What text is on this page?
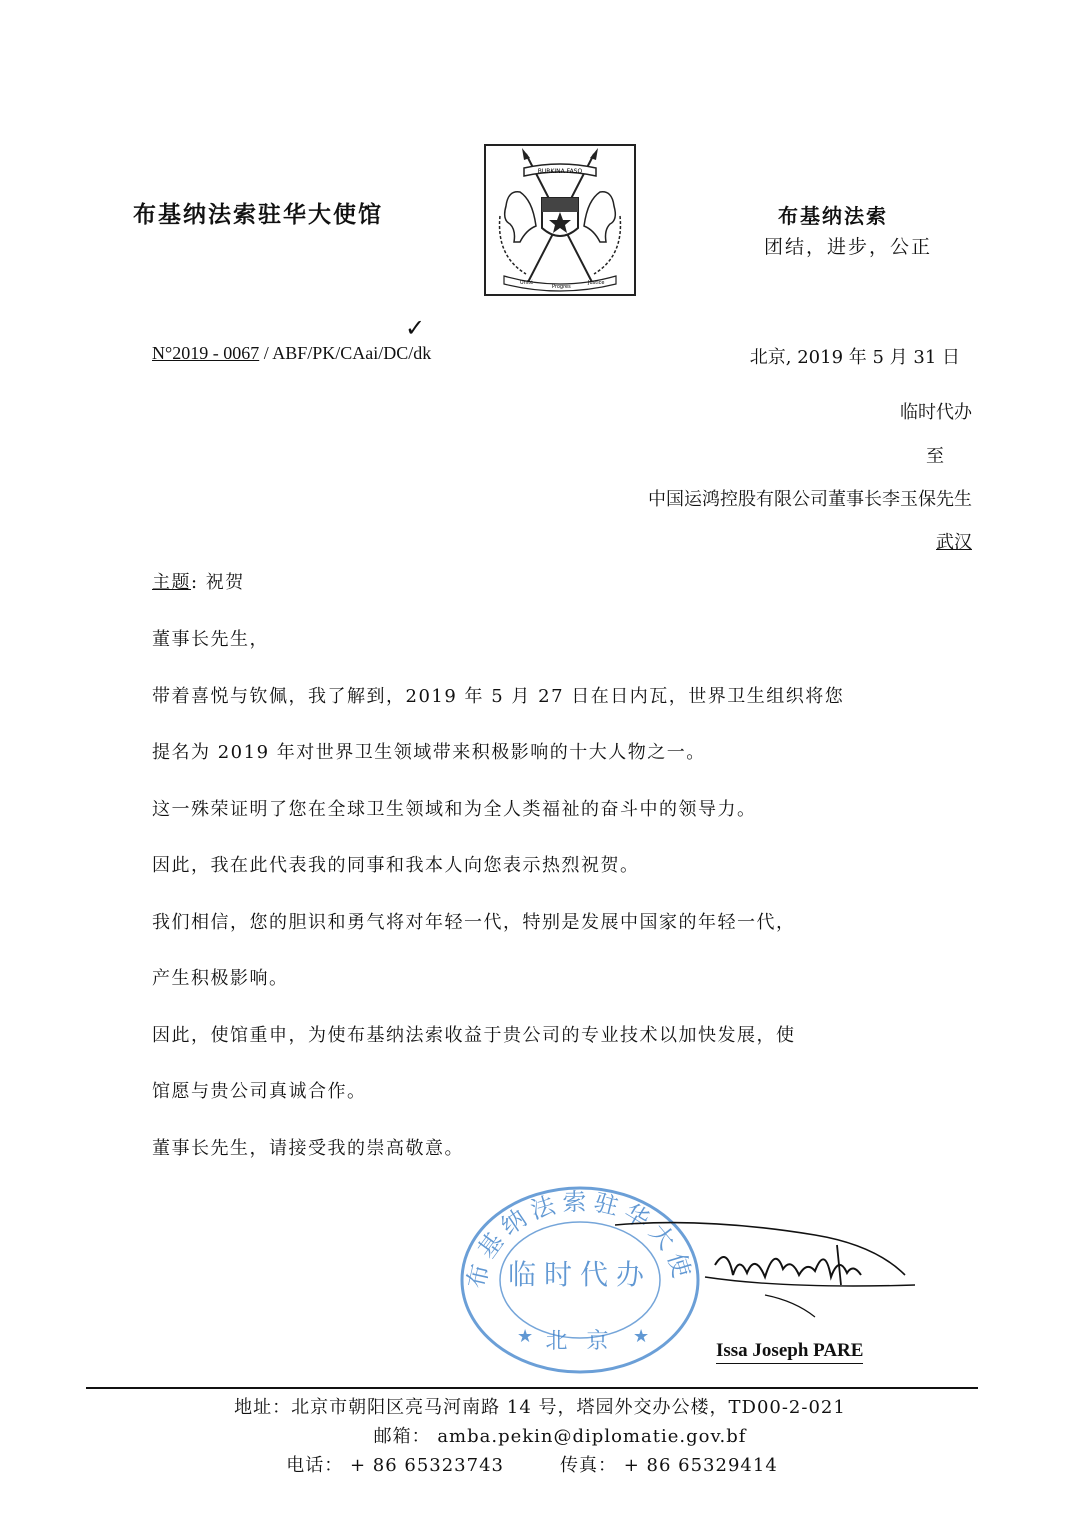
布基纳法索驻华大使馆
BURKINA FASO
Unité
Progrès
Justice
布基纳法索
团结，进步，公正
✓
N°2019 - 0067 / ABF/PK/CAai/DC/dk	北京, 2019 年 5 月 31 日
临时代办
至
中国运鸿控股有限公司董事长李玉保先生
武汉
主题: 祝贺
董事长先生，
带着喜悦与钦佩，我了解到，2019 年 5 月 27 日在日内瓦，世界卫生组织将您
提名为 2019 年对世界卫生领域带来积极影响的十大人物之一。
这一殊荣证明了您在全球卫生领域和为全人类福祉的奋斗中的领导力。
因此，我在此代表我的同事和我本人向您表示热烈祝贺。
我们相信，您的胆识和勇气将对年轻一代，特别是发展中国家的年轻一代，
产生积极影响。
因此，使馆重申，为使布基纳法索收益于贵公司的专业技术以加快发展，使
馆愿与贵公司真诚合作。
董事长先生，请接受我的崇高敬意。
布基纳法索驻华大使
临时代办
北 京
★	★
Issa Joseph PARE
地址：北京市朝阳区亮马河南路 14 号，塔园外交办公楼，TD00-2-021
邮箱： amba.pekin@diplomatie.gov.bf
电话： + 86 65323743	传真： + 86 65329414
